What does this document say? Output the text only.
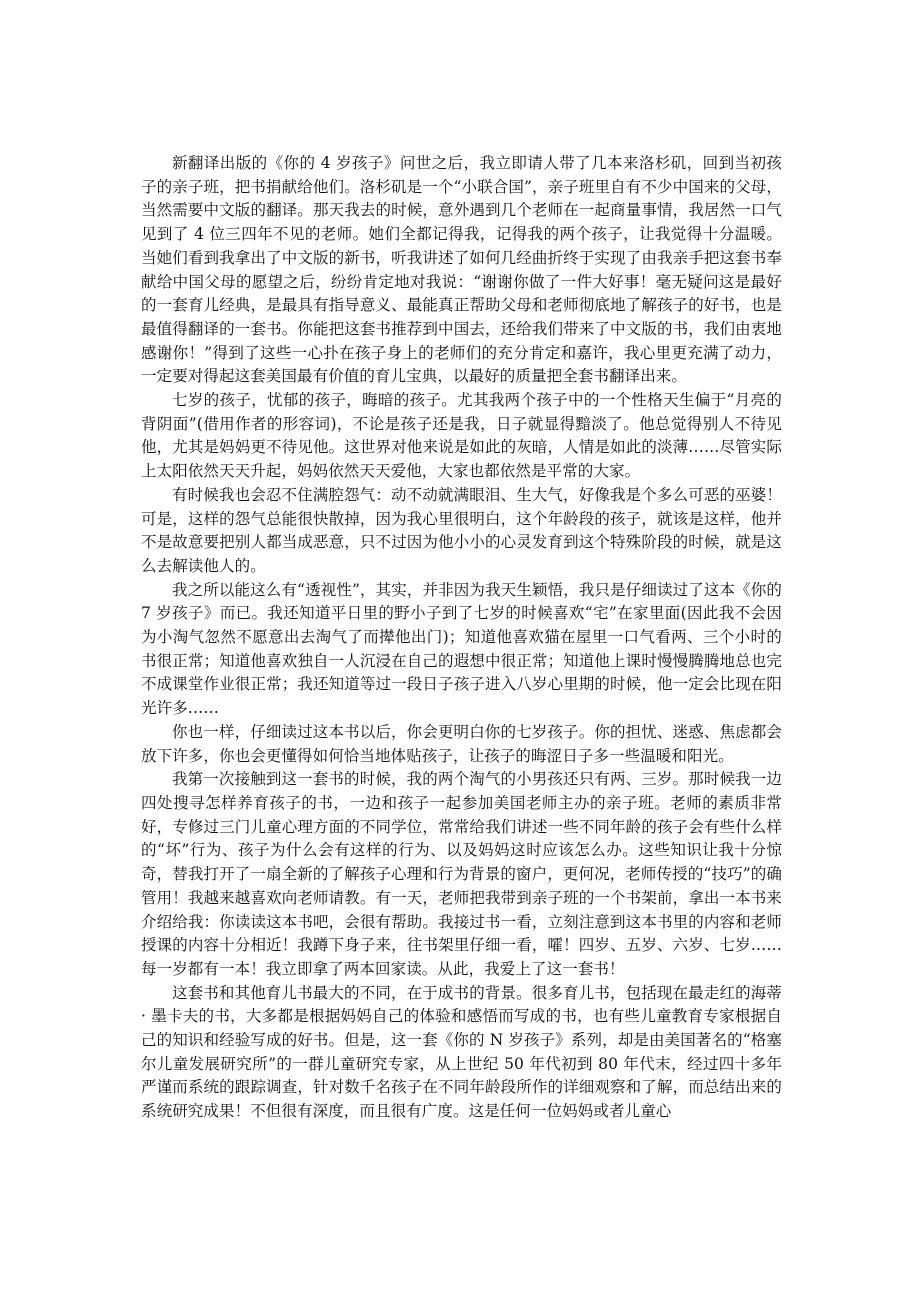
新翻译出版的《你的 4 岁孩子》问世之后，我立即请人带了几本来洛杉矶，回到当初孩子的亲子班，把书捐献给他们。洛杉矶是一个“小联合国”，亲子班里自有不少中国来的父母，当然需要中文版的翻译。那天我去的时候，意外遇到几个老师在一起商量事情，我居然一口气见到了 4 位三四年不见的老师。她们全都记得我，记得我的两个孩子，让我觉得十分温暖。当她们看到我拿出了中文版的新书，听我讲述了如何几经曲折终于实现了由我亲手把这套书奉献给中国父母的愿望之后，纷纷肯定地对我说：“谢谢你做了一件大好事！毫无疑问这是最好的一套育儿经典，是最具有指导意义、最能真正帮助父母和老师彻底地了解孩子的好书，也是最值得翻译的一套书。你能把这套书推荐到中国去，还给我们带来了中文版的书，我们由衷地感谢你！”得到了这些一心扑在孩子身上的老师们的充分肯定和嘉许，我心里更充满了动力，一定要对得起这套美国最有价值的育儿宝典，以最好的质量把全套书翻译出来。

七岁的孩子，忧郁的孩子，晦暗的孩子。尤其我两个孩子中的一个性格天生偏于“月亮的背阴面”(借用作者的形容词)，不论是孩子还是我，日子就显得黯淡了。他总觉得别人不待见他，尤其是妈妈更不待见他。这世界对他来说是如此的灰暗，人情是如此的淡薄……尽管实际上太阳依然天天升起，妈妈依然天天爱他，大家也都依然是平常的大家。

有时候我也会忍不住满腔怨气：动不动就满眼泪、生大气，好像我是个多么可恶的巫婆！可是，这样的怨气总能很快散掉，因为我心里很明白，这个年龄段的孩子，就该是这样，他并不是故意要把别人都当成恶意，只不过因为他小小的心灵发育到这个特殊阶段的时候，就是这么去解读他人的。

我之所以能这么有“透视性”，其实，并非因为我天生颖悟，我只是仔细读过了这本《你的 7 岁孩子》而已。我还知道平日里的野小子到了七岁的时候喜欢“宅”在家里面(因此我不会因为小淘气忽然不愿意出去淘气了而撵他出门)；知道他喜欢猫在屋里一口气看两、三个小时的书很正常；知道他喜欢独自一人沉浸在自己的遐想中很正常；知道他上课时慢慢腾腾地总也完不成课堂作业很正常；我还知道等过一段日子孩子进入八岁心里期的时候，他一定会比现在阳光许多……

你也一样，仔细读过这本书以后，你会更明白你的七岁孩子。你的担忧、迷惑、焦虑都会放下许多，你也会更懂得如何恰当地体贴孩子，让孩子的晦涩日子多一些温暖和阳光。

我第一次接触到这一套书的时候，我的两个淘气的小男孩还只有两、三岁。那时候我一边四处搜寻怎样养育孩子的书，一边和孩子一起参加美国老师主办的亲子班。老师的素质非常好，专修过三门儿童心理方面的不同学位，常常给我们讲述一些不同年龄的孩子会有些什么样的“坏”行为、孩子为什么会有这样的行为、以及妈妈这时应该怎么办。这些知识让我十分惊奇，替我打开了一扇全新的了解孩子心理和行为背景的窗户，更何况，老师传授的“技巧”的确管用！我越来越喜欢向老师请教。有一天，老师把我带到亲子班的一个书架前，拿出一本书来介绍给我：你读读这本书吧，会很有帮助。我接过书一看，立刻注意到这本书里的内容和老师授课的内容十分相近！我蹲下身子来，往书架里仔细一看，嚯！四岁、五岁、六岁、七岁……每一岁都有一本！我立即拿了两本回家读。从此，我爱上了这一套书！

这套书和其他育儿书最大的不同，在于成书的背景。很多育儿书，包括现在最走红的海蒂· 墨卡夫的书，大多都是根据妈妈自己的体验和感悟而写成的书，也有些儿童教育专家根据自己的知识和经验写成的好书。但是，这一套《你的 N 岁孩子》系列，却是由美国著名的“格塞尔儿童发展研究所”的一群儿童研究专家，从上世纪 50 年代初到 80 年代末，经过四十多年严谨而系统的跟踪调查，针对数千名孩子在不同年龄段所作的详细观察和了解，而总结出来的系统研究成果！不但很有深度，而且很有广度。这是任何一位妈妈或者儿童心
